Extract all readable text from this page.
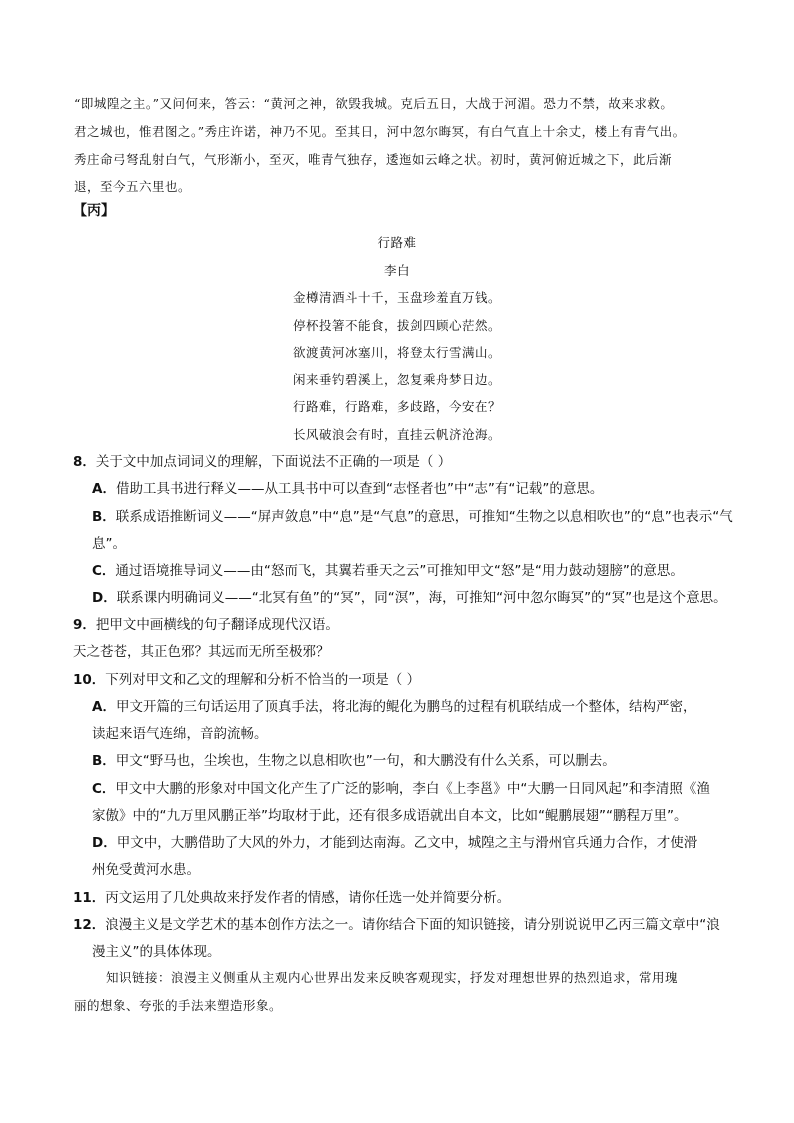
“即城隍之主。”又问何来，答云：“黄河之神，欲毁我城。克后五日，大战于河湄。恐力不禁，故来求救。
君之城也，惟君图之。”秀庄许诺，神乃不见。至其日，河中忽尔晦冥，有白气直上十余丈，楼上有青气出。
秀庄命弓弩乱射白气，气形渐小，至灭，唯青气独存，逶迤如云峰之状。初时，黄河俯近城之下，此后渐
退，至今五六里也。
【丙】
行路难
李白
金樽清酒斗十千，玉盘珍羞直万钱。
停杯投箸不能食，拔剑四顾心茫然。
欲渡黄河冰塞川，将登太行雪满山。
闲来垂钓碧溪上，忽复乘舟梦日边。
行路难，行路难，多歧路，今安在？
长风破浪会有时，直挂云帆济沧海。
8．关于文中加点词词义的理解，下面说法不正确的一项是（ ）
A．借助工具书进行释义——从工具书中可以查到“志怪者也”中“志”有“记载”的意思。
B．联系成语推断词义——“屏声敛息”中“息”是“气息”的意思，可推知“生物之以息相吹也”的“息”也表示“气
息”。
C．通过语境推导词义——由“怒而飞，其翼若垂天之云”可推知甲文“怒”是“用力鼓动翅膀”的意思。
D．联系课内明确词义——“北冥有鱼”的“冥”，同“溟”，海，可推知“河中忽尔晦冥”的“冥”也是这个意思。
9．把甲文中画横线的句子翻译成现代汉语。
天之苍苍，其正色邪？其远而无所至极邪？
10．下列对甲文和乙文的理解和分析不恰当的一项是（ ）
A．甲文开篇的三句话运用了顶真手法，将北海的鲲化为鹏鸟的过程有机联结成一个整体，结构严密，
读起来语气连绵，音韵流畅。
B．甲文“野马也，尘埃也，生物之以息相吹也”一句，和大鹏没有什么关系，可以删去。
C．甲文中大鹏的形象对中国文化产生了广泛的影响，李白《上李邕》中“大鹏一日同风起”和李清照《渔
家傲》中的“九万里风鹏正举”均取材于此，还有很多成语就出自本文，比如“鲲鹏展翅”“鹏程万里”。
D．甲文中，大鹏借助了大风的外力，才能到达南海。乙文中，城隍之主与滑州官兵通力合作，才使滑
州免受黄河水患。
11．丙文运用了几处典故来抒发作者的情感，请你任选一处并简要分析。
12．浪漫主义是文学艺术的基本创作方法之一。请你结合下面的知识链接，请分别说说甲乙丙三篇文章中“浪
漫主义”的具体体现。
知识链接：浪漫主义侧重从主观内心世界出发来反映客观现实，抒发对理想世界的热烈追求，常用瑰
丽的想象、夸张的手法来塑造形象。
